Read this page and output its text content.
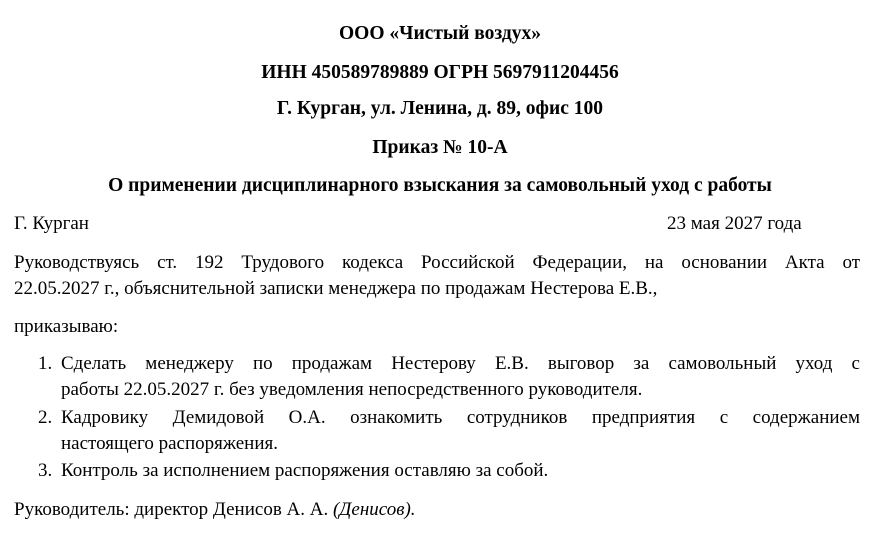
ООО «Чистый воздух»
ИНН 450589789889 ОГРН 5697911204456
Г. Курган, ул. Ленина, д. 89, офис 100
Приказ № 10-А
О применении дисциплинарного взыскания за самовольный уход с работы
Г. Курган	23 мая 2027 года
Руководствуясь ст. 192 Трудового кодекса Российской Федерации, на основании Акта от
22.05.2027 г., объяснительной записки менеджера по продажам Нестерова Е.В.,
приказываю:
1. Сделать менеджеру по продажам Нестерову Е.В. выговор за самовольный уход с
работы 22.05.2027 г. без уведомления непосредственного руководителя.
2. Кадровику Демидовой О.А. ознакомить сотрудников предприятия с содержанием
настоящего распоряжения.
3. Контроль за исполнением распоряжения оставляю за собой.
Руководитель: директор Денисов А. А. (Денисов).
